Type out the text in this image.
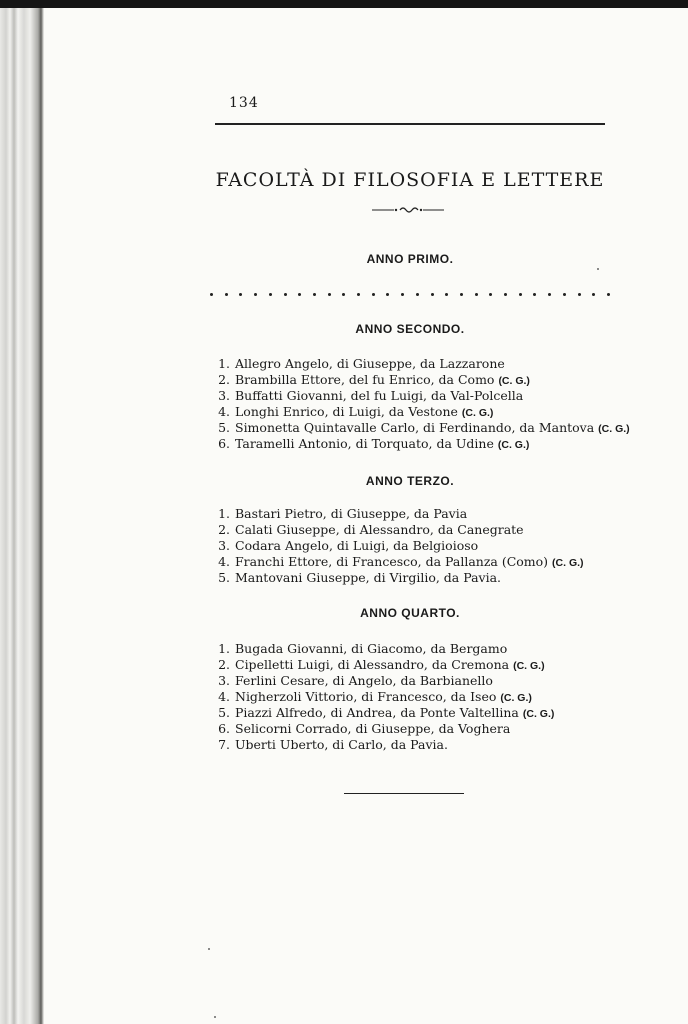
134
FACOLTÀ DI FILOSOFIA E LETTERE
ANNO PRIMO.
ANNO SECONDO.
1. Allegro Angelo, di Giuseppe, da Lazzarone
2. Brambilla Ettore, del fu Enrico, da Como (C. G.)
3. Buffatti Giovanni, del fu Luigi, da Val-Polcella
4. Longhi Enrico, di Luigi, da Vestone (C. G.)
5. Simonetta Quintavalle Carlo, di Ferdinando, da Mantova (C. G.)
6. Taramelli Antonio, di Torquato, da Udine (C. G.)
ANNO TERZO.
1. Bastari Pietro, di Giuseppe, da Pavia
2. Calati Giuseppe, di Alessandro, da Canegrate
3. Codara Angelo, di Luigi, da Belgioioso
4. Franchi Ettore, di Francesco, da Pallanza (Como) (C. G.)
5. Mantovani Giuseppe, di Virgilio, da Pavia.
ANNO QUARTO.
1. Bugada Giovanni, di Giacomo, da Bergamo
2. Cipelletti Luigi, di Alessandro, da Cremona (C. G.)
3. Ferlini Cesare, di Angelo, da Barbianello
4. Nigherzoli Vittorio, di Francesco, da Iseo (C. G.)
5. Piazzi Alfredo, di Andrea, da Ponte Valtellina (C. G.)
6. Selicorni Corrado, di Giuseppe, da Voghera
7. Uberti Uberto, di Carlo, da Pavia.
